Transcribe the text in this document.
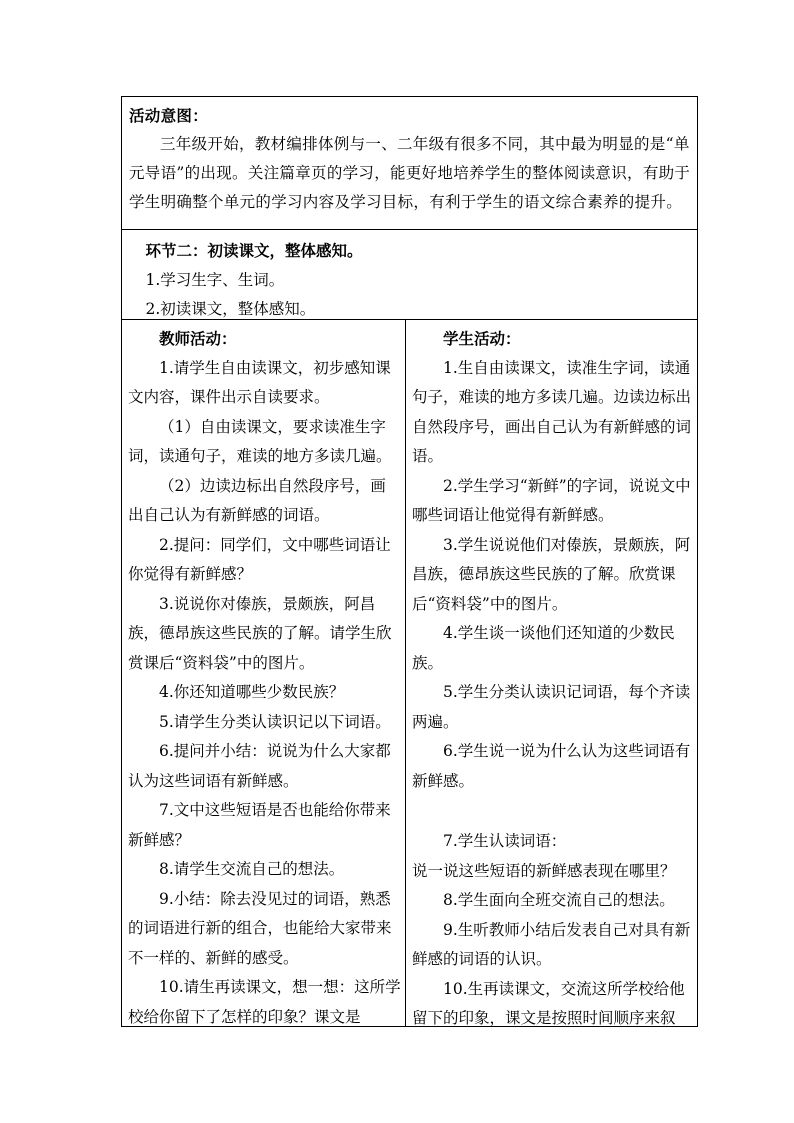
活动意图：

三年级开始，教材编排体例与一、二年级有很多不同，其中最为明显的是“单元导语”的出现。关注篇章页的学习，能更好地培养学生的整体阅读意识，有助于学生明确整个单元的学习内容及学习目标，有利于学生的语文综合素养的提升。

环节二：初读课文，整体感知。

1.学习生字、生词。

2.初读课文，整体感知。

教师活动：

1.请学生自由读课文，初步感知课文内容，课件出示自读要求。

（1）自由读课文，要求读准生字词，读通句子，难读的地方多读几遍。

（2）边读边标出自然段序号，画出自己认为有新鲜感的词语。

2.提问：同学们，文中哪些词语让你觉得有新鲜感？

3.说说你对傣族，景颇族，阿昌族，德昂族这些民族的了解。请学生欣赏课后“资料袋”中的图片。

4.你还知道哪些少数民族？

5.请学生分类认读识记以下词语。

6.提问并小结：说说为什么大家都认为这些词语有新鲜感。

7.文中这些短语是否也能给你带来新鲜感？

8.请学生交流自己的想法。

9.小结：除去没见过的词语，熟悉的词语进行新的组合，也能给大家带来不一样的、新鲜的感受。

10.请生再读课文，想一想：这所学校给你留下了怎样的印象？课文是

学生活动：

1.生自由读课文，读准生字词，读通句子，难读的地方多读几遍。边读边标出自然段序号，画出自己认为有新鲜感的词语。

2.学生学习“新鲜”的字词，说说文中哪些词语让他觉得有新鲜感。

3.学生说说他们对傣族，景颇族，阿昌族，德昂族这些民族的了解。欣赏课后“资料袋”中的图片。

4.学生谈一谈他们还知道的少数民族。

5.学生分类认读识记词语，每个齐读两遍。

6.学生说一说为什么认为这些词语有新鲜感。

7.学生认读词语：

说一说这些短语的新鲜感表现在哪里？

8.学生面向全班交流自己的想法。

9.生听教师小结后发表自己对具有新鲜感的词语的认识。

10.生再读课文，交流这所学校给他留下的印象，课文是按照时间顺序来叙
